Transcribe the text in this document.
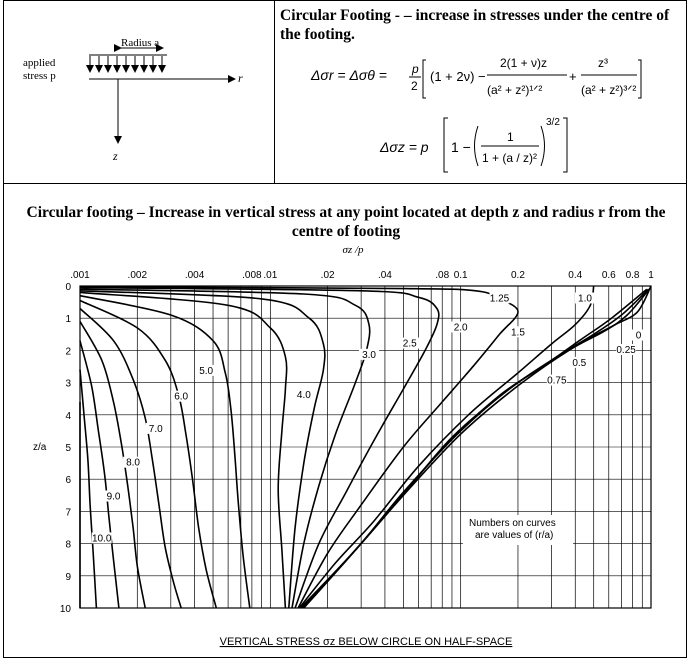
Radius a
applied
stress p	r
z
Circular Footing - – increase in stresses under the centre of the footing.
Δσr = Δσθ = p
2
(1 + 2ν) −
2(1 + ν)z
(a² + z²)¹ᐟ²
+
z³
(a² + z²)³ᐟ²
Δσz = p 1 −
1
1 + (a / z)²
3/2
Circular footing – Increase in vertical stress at any point located at depth z and radius r from the centre of footing
σz /p
1.25
1.5
2.0
2.5
3.0
4.0
5.0
6.0
7.0
8.0
9.0
10.0
1.0
0
0.25
0.5
0.75
.001	.002	.004	.008 .01	.02	.04	.08 0.1	0.2	0.4 0.6 0.8 1
0
1
2
3
4
5
6
7
8
9
10
z/a
Numbers on curves
are values of (r/a)
VERTICAL STRESS σz BELOW CIRCLE ON HALF-SPACE
